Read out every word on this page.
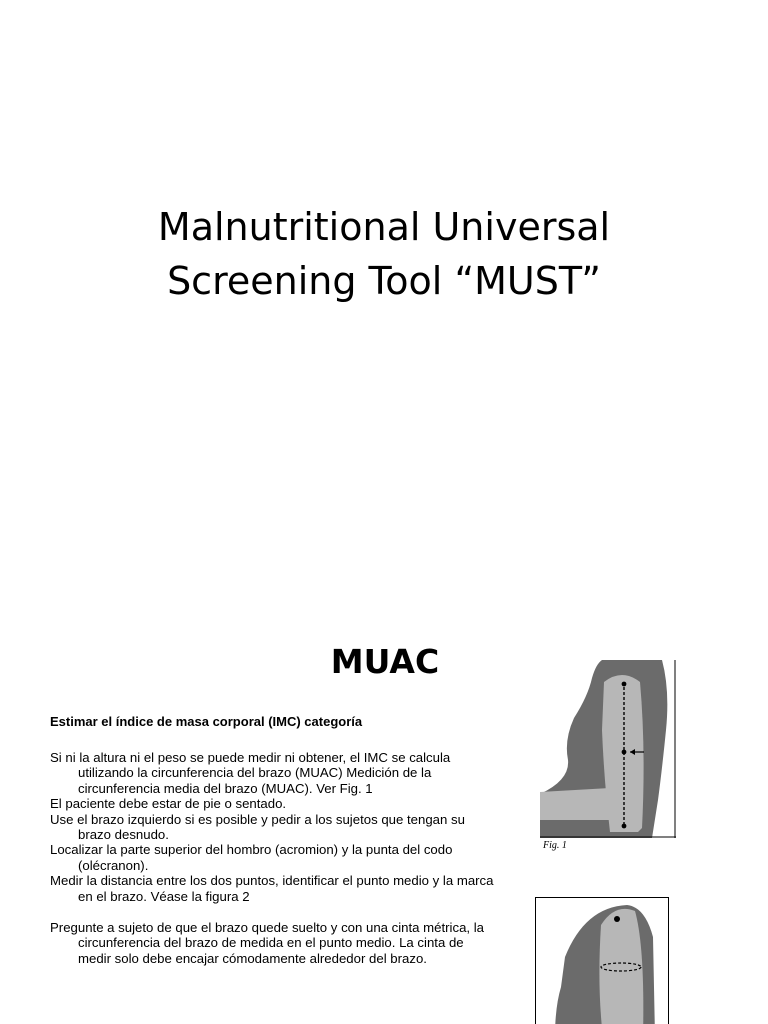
Malnutritional Universal
Screening Tool “MUST”
MUAC
Estimar el índice de masa corporal (IMC) categoría

Si ni la altura ni el peso se puede medir ni obtener, el IMC se calcula utilizando la circunferencia del brazo (MUAC) Medición de la circunferencia media del brazo (MUAC). Ver Fig. 1

El paciente debe estar de pie o sentado.

Use el brazo izquierdo si es posible y pedir a los sujetos que tengan su brazo desnudo.

Localizar la parte superior del hombro (acromion) y la punta del codo (olécranon).

Medir la distancia entre los dos puntos, identificar el punto medio y la marca en el brazo. Véase la figura 2

Pregunte a sujeto de que el brazo quede suelto y con una cinta métrica, la circunferencia del brazo de medida en el punto medio. La cinta de medir solo debe encajar cómodamente alrededor del brazo.

Fig. 1
